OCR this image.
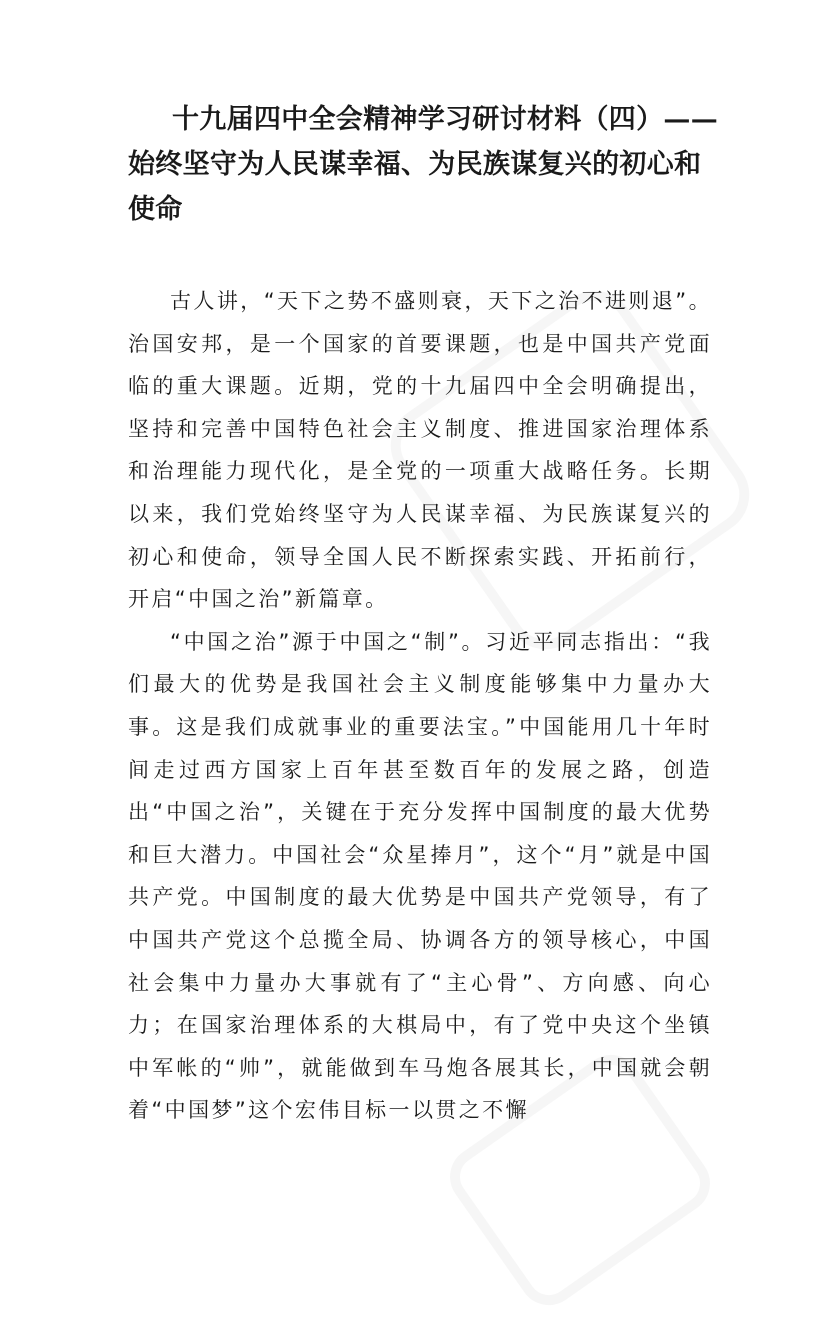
十九届四中全会精神学习研讨材料（四）——
始终坚守为人民谋幸福、为民族谋复兴的初心和使命

古人讲，“天下之势不盛则衰，天下之治不进则退”。治国安邦，是一个国家的首要课题，也是中国共产党面临的重大课题。近期，党的十九届四中全会明确提出，坚持和完善中国特色社会主义制度、推进国家治理体系和治理能力现代化，是全党的一项重大战略任务。长期以来，我们党始终坚守为人民谋幸福、为民族谋复兴的初心和使命，领导全国人民不断探索实践、开拓前行，开启“中国之治”新篇章。

“中国之治”源于中国之“制”。习近平同志指出：“我们最大的优势是我国社会主义制度能够集中力量办大事。这是我们成就事业的重要法宝。”中国能用几十年时间走过西方国家上百年甚至数百年的发展之路，创造出“中国之治”，关键在于充分发挥中国制度的最大优势和巨大潜力。中国社会“众星捧月”，这个“月”就是中国共产党。中国制度的最大优势是中国共产党领导，有了中国共产党这个总揽全局、协调各方的领导核心，中国社会集中力量办大事就有了“主心骨”、方向感、向心力；在国家治理体系的大棋局中，有了党中央这个坐镇中军帐的“帅”，就能做到车马炮各展其长，中国就会朝着“中国梦”这个宏伟目标一以贯之不懈
